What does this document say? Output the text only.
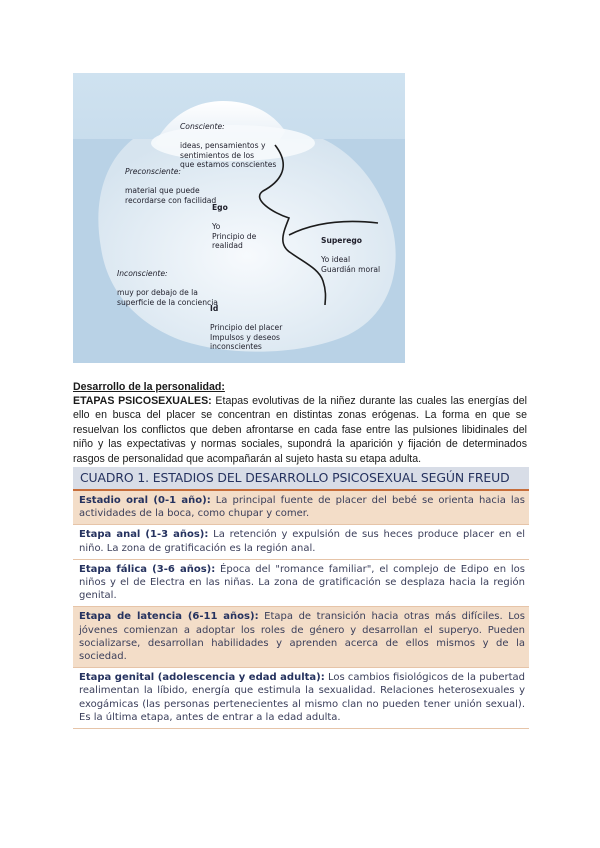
Consciente:

ideas, pensamientos y
sentimientos de los
que estamos conscientes

Preconsciente:

material que puede
recordarse con facilidad

Ego

Yo
Principio de
realidad

Superego

Yo ideal
Guardián moral

Inconsciente:

muy por debajo de la
superficie de la conciencia

Id

Principio del placer
Impulsos y deseos
inconscientes

Desarrollo de la personalidad:
ETAPAS PSICOSEXUALES: Etapas evolutivas de la niñez durante las cuales las energías del ello en busca del placer se concentran en distintas zonas erógenas. La forma en que se resuelvan los conflictos que deben afrontarse en cada fase entre las pulsiones libidinales del niño y las expectativas y normas sociales, supondrá la aparición y fijación de determinados rasgos de personalidad que acompañarán al sujeto hasta su etapa adulta.
CUADRO 1. ESTADIOS DEL DESARROLLO PSICOSEXUAL SEGÚN FREUD
Estadio oral (0-1 año): La principal fuente de placer del bebé se orienta hacia las actividades de la boca, como chupar y comer.
Etapa anal (1-3 años): La retención y expulsión de sus heces produce placer en el niño. La zona de gratificación es la región anal.
Etapa fálica (3-6 años): Época del "romance familiar", el complejo de Edipo en los niños y el de Electra en las niñas. La zona de gratificación se desplaza hacia la región genital.
Etapa de latencia (6-11 años): Etapa de transición hacia otras más difíciles. Los jóvenes comienzan a adoptar los roles de género y desarrollan el superyo. Pueden socializarse, desarrollan habilidades y aprenden acerca de ellos mismos y de la sociedad.
Etapa genital (adolescencia y edad adulta): Los cambios fisiológicos de la pubertad realimentan la líbido, energía que estimula la sexualidad. Relaciones heterosexuales y exogámicas (las personas pertenecientes al mismo clan no pueden tener unión sexual). Es la última etapa, antes de entrar a la edad adulta.
